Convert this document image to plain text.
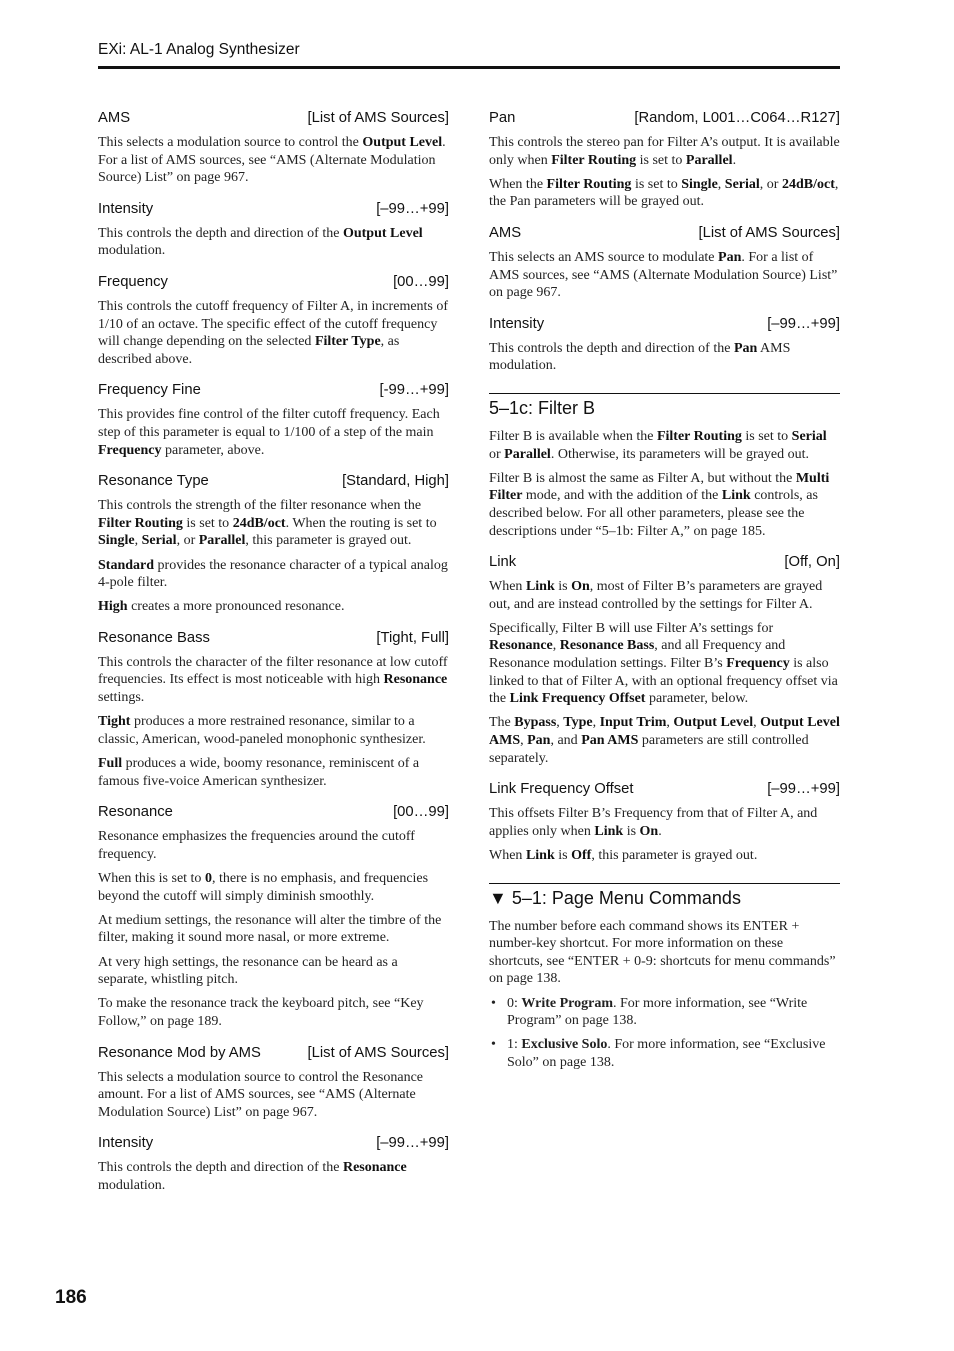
EXi: AL-1 Analog Synthesizer
AMS	[List of AMS Sources]

This selects a modulation source to control the Output Level. For a list of AMS sources, see “AMS (Alternate Modulation Source) List” on page 967.

Intensity	[–99…+99]

This controls the depth and direction of the Output Level modulation.

Frequency	[00…99]

This controls the cutoff frequency of Filter A, in increments of 1/10 of an octave. The specific effect of the cutoff frequency will change depending on the selected Filter Type, as described above.

Frequency Fine	[-99…+99]

This provides fine control of the filter cutoff frequency. Each step of this parameter is equal to 1/100 of a step of the main Frequency parameter, above.

Resonance Type	[Standard, High]

This controls the strength of the filter resonance when the Filter Routing is set to 24dB/oct. When the routing is set to Single, Serial, or Parallel, this parameter is grayed out.

Standard provides the resonance character of a typical analog 4-pole filter.

High creates a more pronounced resonance.

Resonance Bass	[Tight, Full]

This controls the character of the filter resonance at low cutoff frequencies. Its effect is most noticeable with high Resonance settings.

Tight produces a more restrained resonance, similar to a classic, American, wood-paneled monophonic synthesizer.

Full produces a wide, boomy resonance, reminiscent of a famous five-voice American synthesizer.

Resonance	[00…99]

Resonance emphasizes the frequencies around the cutoff frequency.

When this is set to 0, there is no emphasis, and frequencies beyond the cutoff will simply diminish smoothly.

At medium settings, the resonance will alter the timbre of the filter, making it sound more nasal, or more extreme.

At very high settings, the resonance can be heard as a separate, whistling pitch.

To make the resonance track the keyboard pitch, see “Key Follow,” on page 189.

Resonance Mod by AMS	[List of AMS Sources]

This selects a modulation source to control the Resonance amount. For a list of AMS sources, see “AMS (Alternate Modulation Source) List” on page 967.

Intensity	[–99…+99]

This controls the depth and direction of the Resonance modulation.

Pan	[Random, L001…C064…R127]

This controls the stereo pan for Filter A’s output. It is available only when Filter Routing is set to Parallel.

When the Filter Routing is set to Single, Serial, or 24dB/oct, the Pan parameters will be grayed out.

AMS	[List of AMS Sources]

This selects an AMS source to modulate Pan. For a list of AMS sources, see “AMS (Alternate Modulation Source) List” on page 967.

Intensity	[–99…+99]

This controls the depth and direction of the Pan AMS modulation.

5–1c: Filter B

Filter B is available when the Filter Routing is set to Serial or Parallel. Otherwise, its parameters will be grayed out.

Filter B is almost the same as Filter A, but without the Multi Filter mode, and with the addition of the Link controls, as described below. For all other parameters, please see the descriptions under “5–1b: Filter A,” on page 185.

Link	[Off, On]

When Link is On, most of Filter B’s parameters are grayed out, and are instead controlled by the settings for Filter A.

Specifically, Filter B will use Filter A’s settings for Resonance, Resonance Bass, and all Frequency and Resonance modulation settings. Filter B’s Frequency is also linked to that of Filter A, with an optional frequency offset via the Link Frequency Offset parameter, below.

The Bypass, Type, Input Trim, Output Level, Output Level AMS, Pan, and Pan AMS parameters are still controlled separately.

Link Frequency Offset	[–99…+99]

This offsets Filter B’s Frequency from that of Filter A, and applies only when Link is On.

When Link is Off, this parameter is grayed out.

▼ 5–1: Page Menu Commands

The number before each command shows its ENTER + number-key shortcut. For more information on these shortcuts, see “ENTER + 0-9: shortcuts for menu commands” on page 138.

• 0: Write Program. For more information, see “Write Program” on page 138.
• 1: Exclusive Solo. For more information, see “Exclusive Solo” on page 138.
186
